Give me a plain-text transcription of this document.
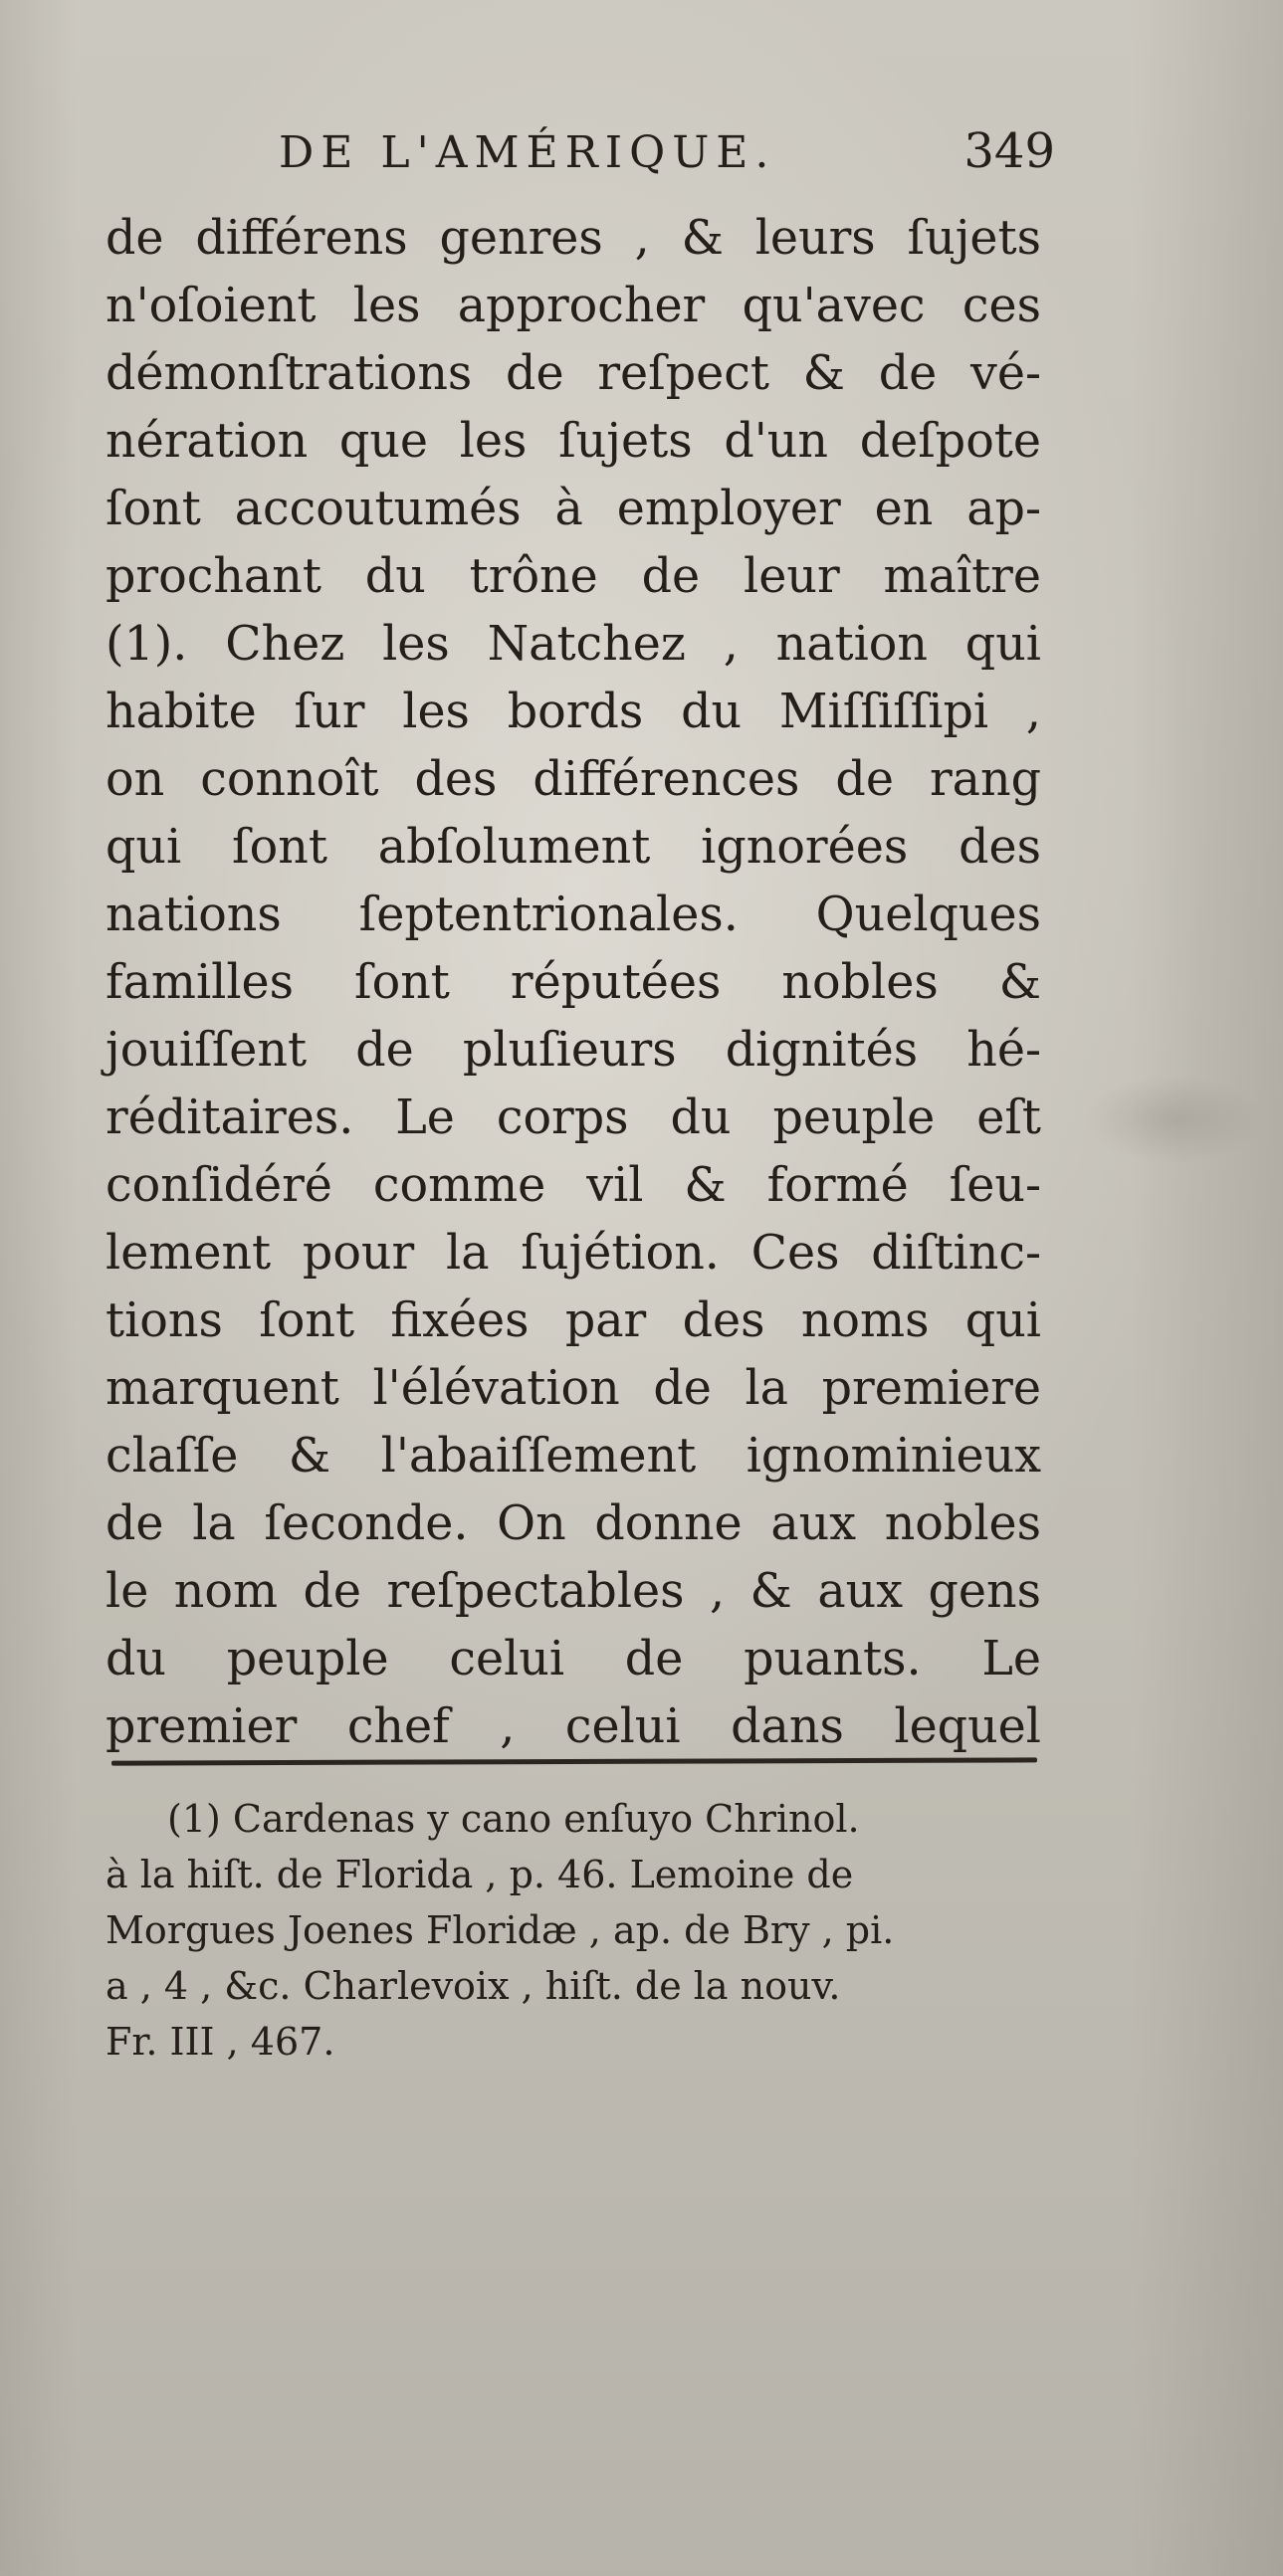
DE L'AMÉRIQUE.	349
de différens genres , & leurs ſujets
n'oſoient les approcher qu'avec ces
démonſtrations de reſpect & de vé-
nération que les ſujets d'un deſpote
ſont accoutumés à employer en ap-
prochant du trône de leur maître
(1). Chez les Natchez , nation qui
habite ſur les bords du Miſſiſſipi ,
on connoît des différences de rang
qui ſont abſolument ignorées des
nations ſeptentrionales. Quelques
familles ſont réputées nobles &
jouiſſent de pluſieurs dignités hé-
réditaires. Le corps du peuple eſt
conſidéré comme vil & formé ſeu-
lement pour la ſujétion. Ces diſtinc-
tions ſont fixées par des noms qui
marquent l'élévation de la premiere
claſſe & l'abaiſſement ignominieux
de la ſeconde. On donne aux nobles
le nom de reſpectables , & aux gens
du peuple celui de puants. Le
premier chef , celui dans lequel
(1) Cardenas y cano enſuyo Chrinol.
à la hiſt. de Florida , p. 46. Lemoine de
Morgues Joenes Floridæ , ap. de Bry , pi.
a , 4 , &c. Charlevoix , hiſt. de la nouv.
Fr. III , 467.
